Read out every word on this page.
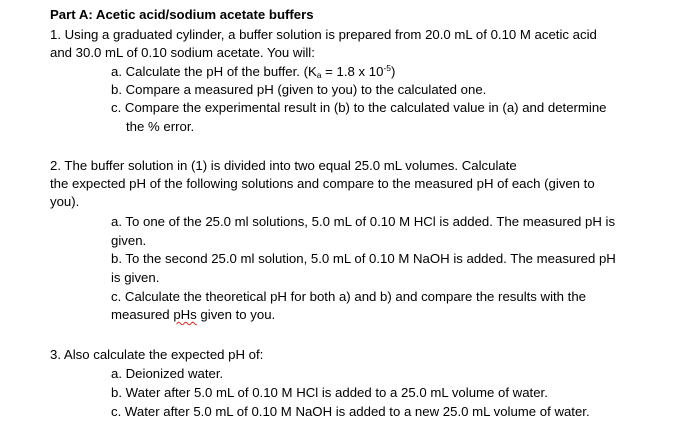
Part A: Acetic acid/sodium acetate buffers
1. Using a graduated cylinder, a buffer solution is prepared from 20.0 mL of 0.10 M acetic acid
and 30.0 mL of 0.10 sodium acetate. You will:
a. Calculate the pH of the buffer. ($K_a = 1.8$ x $10^{-5}$)
b. Compare a measured pH (given to you) to the calculated one.
c. Compare the experimental result in (b) to the calculated value in (a) and determine
the % error.
2. The buffer solution in (1) is divided into two equal 25.0 mL volumes. Calculate
the expected pH of the following solutions and compare to the measured pH of each (given to
you).
a. To one of the 25.0 ml solutions, 5.0 mL of 0.10 M HCl is added. The measured pH is
given.
b. To the second 25.0 ml solution, 5.0 mL of 0.10 M NaOH is added. The measured pH
is given.
c. Calculate the theoretical pH for both a) and b) and compare the results with the
measured pHs given to you.
3. Also calculate the expected pH of:
a. Deionized water.
b. Water after 5.0 mL of 0.10 M HCl is added to a 25.0 mL volume of water.
c. Water after 5.0 mL of 0.10 M NaOH is added to a new 25.0 mL volume of water.
